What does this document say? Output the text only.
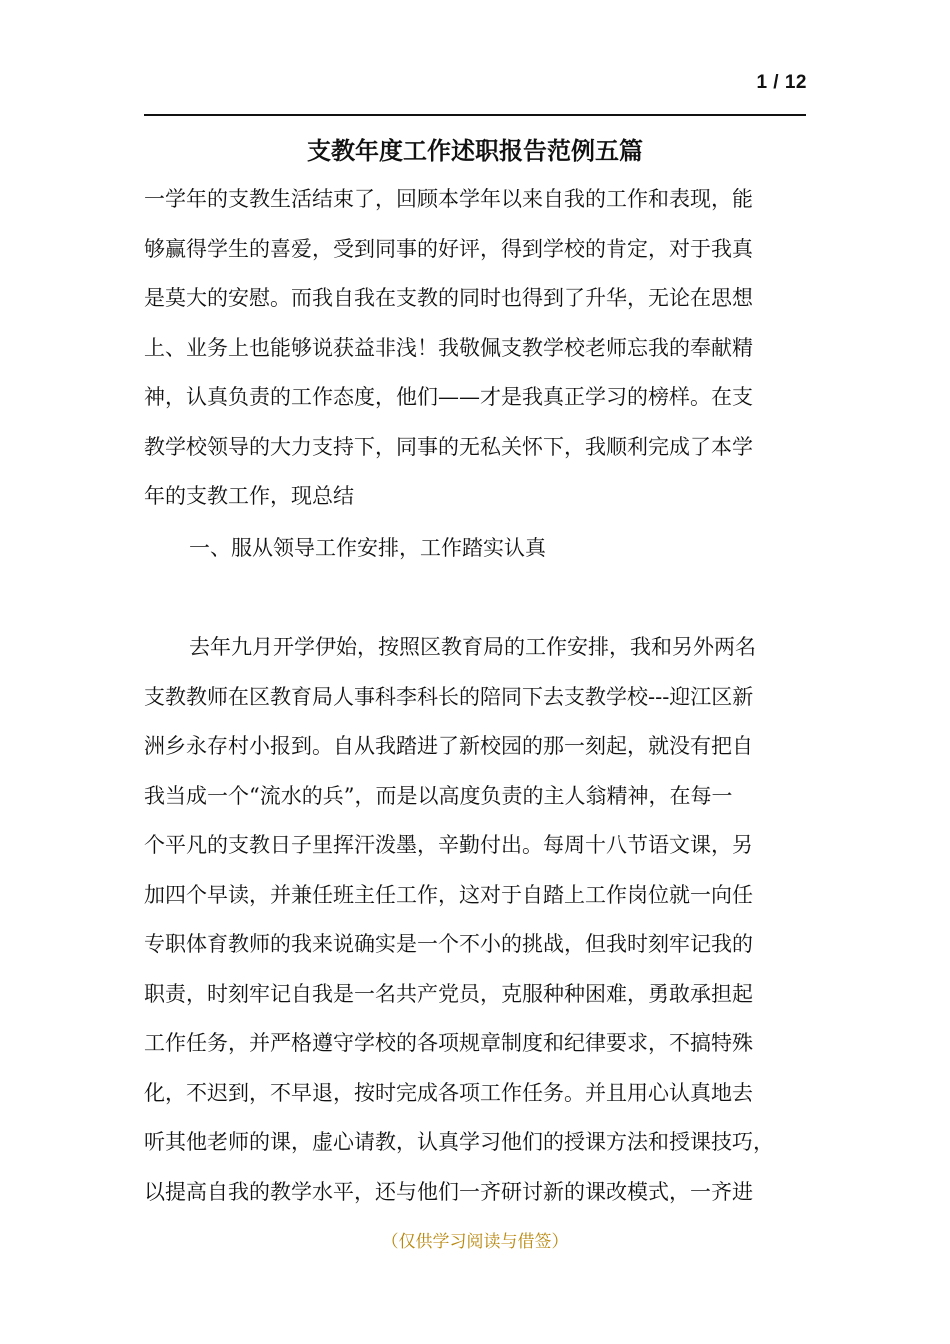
1 / 12
支教年度工作述职报告范例五篇
一学年的支教生活结束了，回顾本学年以来自我的工作和表现，能
够赢得学生的喜爱，受到同事的好评，得到学校的肯定，对于我真
是莫大的安慰。而我自我在支教的同时也得到了升华，无论在思想
上、业务上也能够说获益非浅！我敬佩支教学校老师忘我的奉献精
神，认真负责的工作态度，他们——才是我真正学习的榜样。在支
教学校领导的大力支持下，同事的无私关怀下，我顺利完成了本学
年的支教工作，现总结
一、服从领导工作安排，工作踏实认真
去年九月开学伊始，按照区教育局的工作安排，我和另外两名
支教教师在区教育局人事科李科长的陪同下去支教学校---迎江区新
洲乡永存村小报到。自从我踏进了新校园的那一刻起，就没有把自
我当成一个“流水的兵”，而是以高度负责的主人翁精神，在每一
个平凡的支教日子里挥汗泼墨，辛勤付出。每周十八节语文课，另
加四个早读，并兼任班主任工作，这对于自踏上工作岗位就一向任
专职体育教师的我来说确实是一个不小的挑战，但我时刻牢记我的
职责，时刻牢记自我是一名共产党员，克服种种困难，勇敢承担起
工作任务，并严格遵守学校的各项规章制度和纪律要求，不搞特殊
化，不迟到，不早退，按时完成各项工作任务。并且用心认真地去
听其他老师的课，虚心请教，认真学习他们的授课方法和授课技巧，
以提高自我的教学水平，还与他们一齐研讨新的课改模式，一齐进
（仅供学习阅读与借签）
